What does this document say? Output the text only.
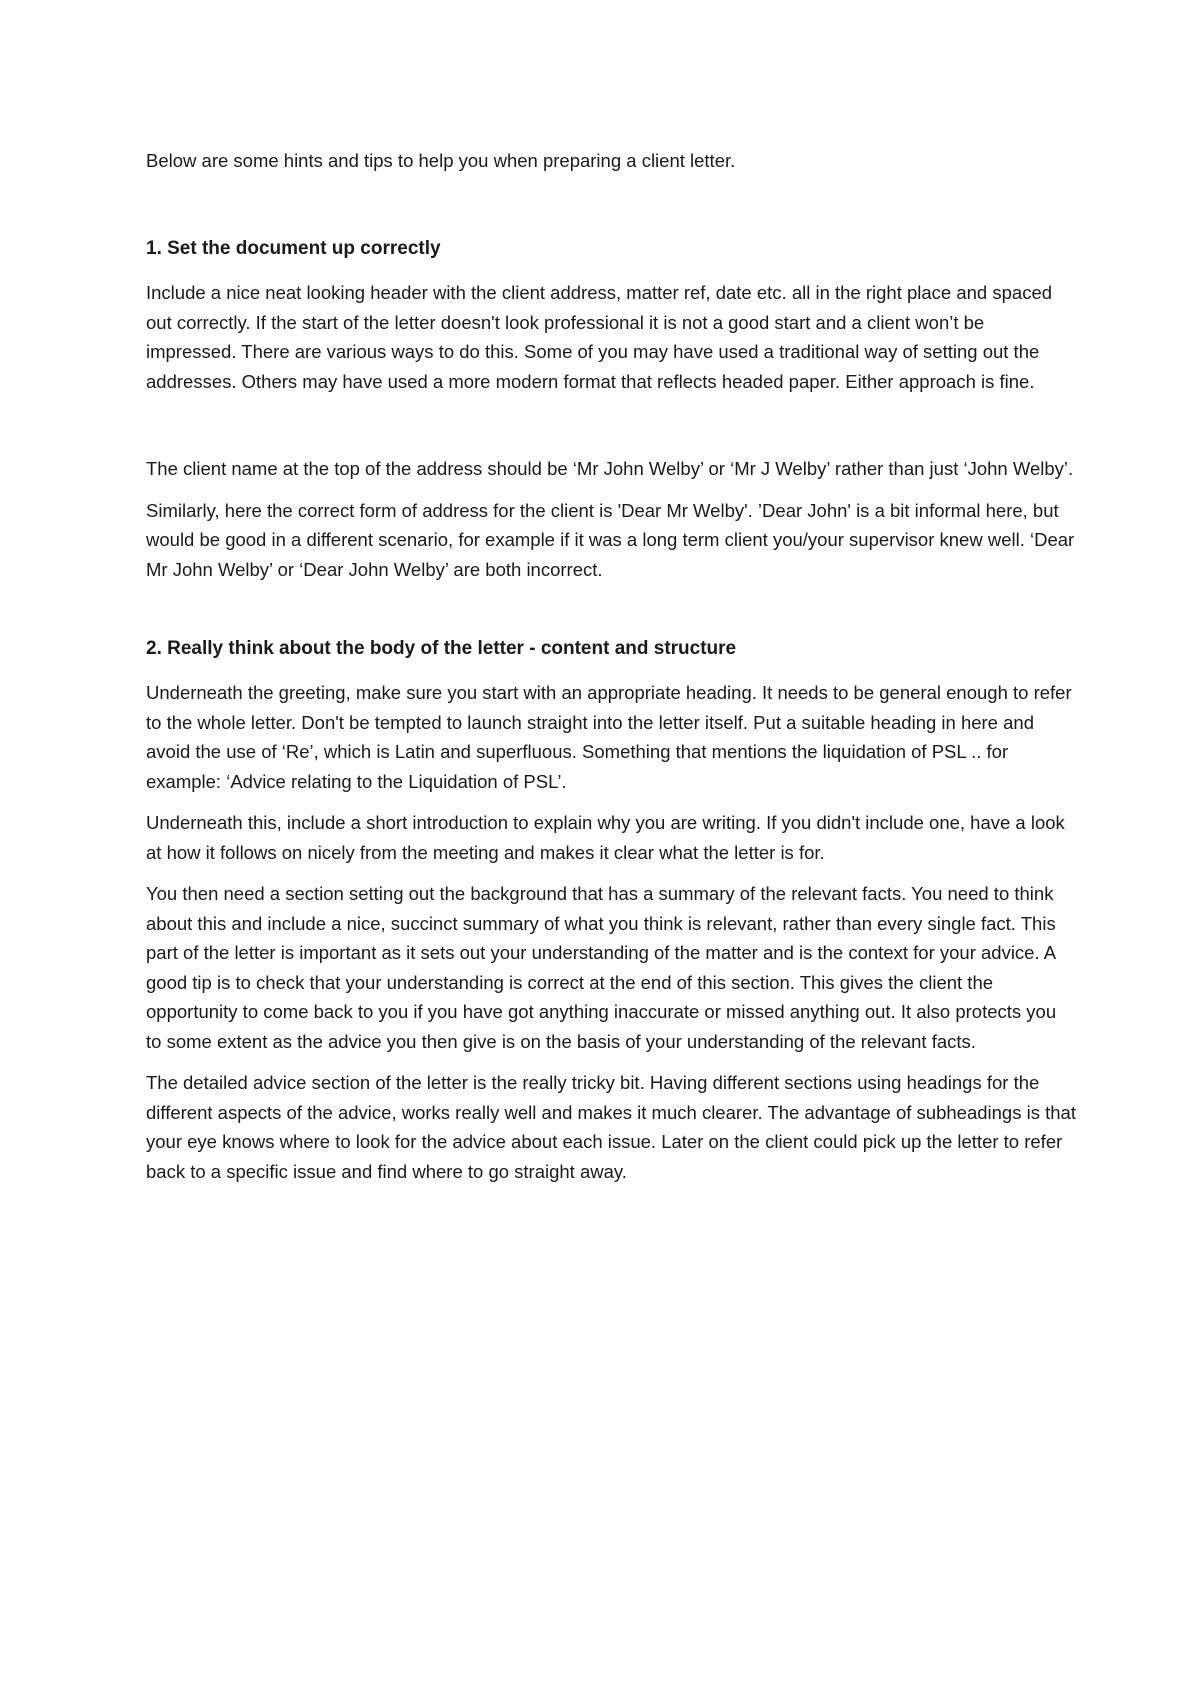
Below are some hints and tips to help you when preparing a client letter.

1. Set the document up correctly

Include a nice neat looking header with the client address, matter ref, date etc. all in the right place and spaced out correctly. If the start of the letter doesn't look professional it is not a good start and a client won’t be impressed. There are various ways to do this. Some of you may have used a traditional way of setting out the addresses. Others may have used a more modern format that reflects headed paper. Either approach is fine.

The client name at the top of the address should be ‘Mr John Welby’ or ‘Mr J Welby’ rather than just ‘John Welby’.

Similarly, here the correct form of address for the client is 'Dear Mr Welby'. ’Dear John' is a bit informal here, but would be good in a different scenario, for example if it was a long term client you/your supervisor knew well. ‘Dear Mr John Welby’ or ‘Dear John Welby’ are both incorrect.

2. Really think about the body of the letter - content and structure

Underneath the greeting, make sure you start with an appropriate heading. It needs to be general enough to refer to the whole letter. Don't be tempted to launch straight into the letter itself. Put a suitable heading in here and avoid the use of ‘Re’, which is Latin and superfluous. Something that mentions the liquidation of PSL .. for example: ‘Advice relating to the Liquidation of PSL’.

Underneath this, include a short introduction to explain why you are writing. If you didn't include one, have a look at how it follows on nicely from the meeting and makes it clear what the letter is for.

You then need a section setting out the background that has a summary of the relevant facts. You need to think about this and include a nice, succinct summary of what you think is relevant, rather than every single fact. This part of the letter is important as it sets out your understanding of the matter and is the context for your advice. A good tip is to check that your understanding is correct at the end of this section. This gives the client the opportunity to come back to you if you have got anything inaccurate or missed anything out. It also protects you to some extent as the advice you then give is on the basis of your understanding of the relevant facts.

The detailed advice section of the letter is the really tricky bit. Having different sections using headings for the different aspects of the advice, works really well and makes it much clearer. The advantage of subheadings is that your eye knows where to look for the advice about each issue. Later on the client could pick up the letter to refer back to a specific issue and find where to go straight away.
